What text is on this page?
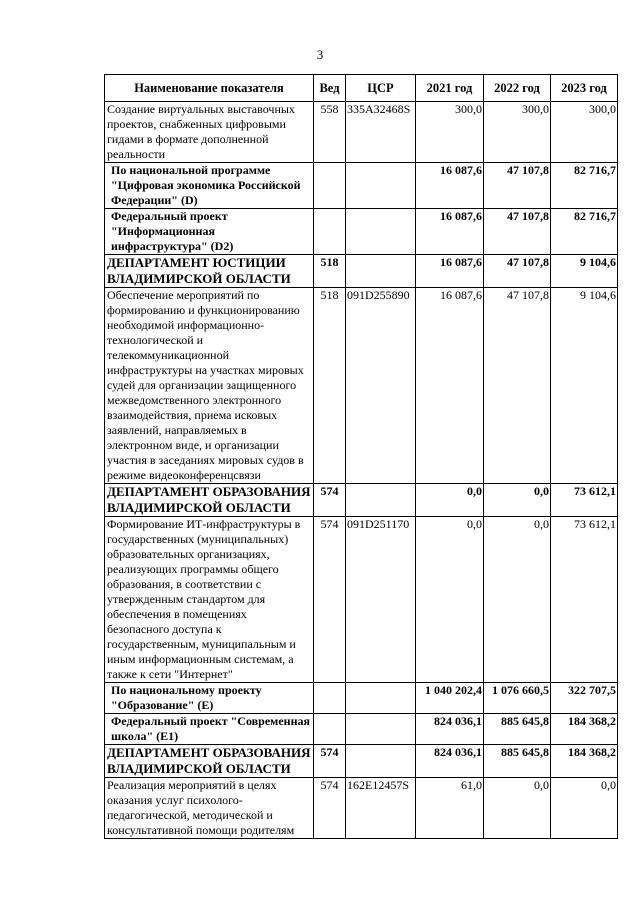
3
Наименование показателя	Вед	ЦСР	2021 год	2022 год	2023 год
Создание виртуальных выставочных проектов, снабженных цифровыми гидами в формате дополненной реальности	558	335A32468S	300,0	300,0	300,0
По национальной программе "Цифровая экономика Российской Федерации" (D)			16 087,6	47 107,8	82 716,7
Федеральный проект "Информационная инфраструктура" (D2)			16 087,6	47 107,8	82 716,7
ДЕПАРТАМЕНТ ЮСТИЦИИ ВЛАДИМИРСКОЙ ОБЛАСТИ	518		16 087,6	47 107,8	9 104,6
Обеспечение мероприятий по формированию и функционированию необходимой информационно-технологической и телекоммуникационной инфраструктуры на участках мировых судей для организации защищенного межведомственного электронного взаимодействия, приема исковых заявлений, направляемых в электронном виде, и организации участия в заседаниях мировых судов в режиме видеоконференцсвязи	518	091D255890	16 087,6	47 107,8	9 104,6
ДЕПАРТАМЕНТ ОБРАЗОВАНИЯ ВЛАДИМИРСКОЙ ОБЛАСТИ	574		0,0	0,0	73 612,1
Формирование ИТ-инфраструктуры в государственных (муниципальных) образовательных организациях, реализующих программы общего образования, в соответствии с утвержденным стандартом для обеспечения в помещениях безопасного доступа к государственным, муниципальным и иным информационным системам, а также к сети "Интернет"	574	091D251170	0,0	0,0	73 612,1
По национальному проекту "Образование" (E)			1 040 202,4	1 076 660,5	322 707,5
Федеральный проект "Современная школа" (E1)			824 036,1	885 645,8	184 368,2
ДЕПАРТАМЕНТ ОБРАЗОВАНИЯ ВЛАДИМИРСКОЙ ОБЛАСТИ	574		824 036,1	885 645,8	184 368,2
Реализация мероприятий в целях оказания услуг психолого-педагогической, методической и консультативной помощи родителям	574	162E12457S	61,0	0,0	0,0
